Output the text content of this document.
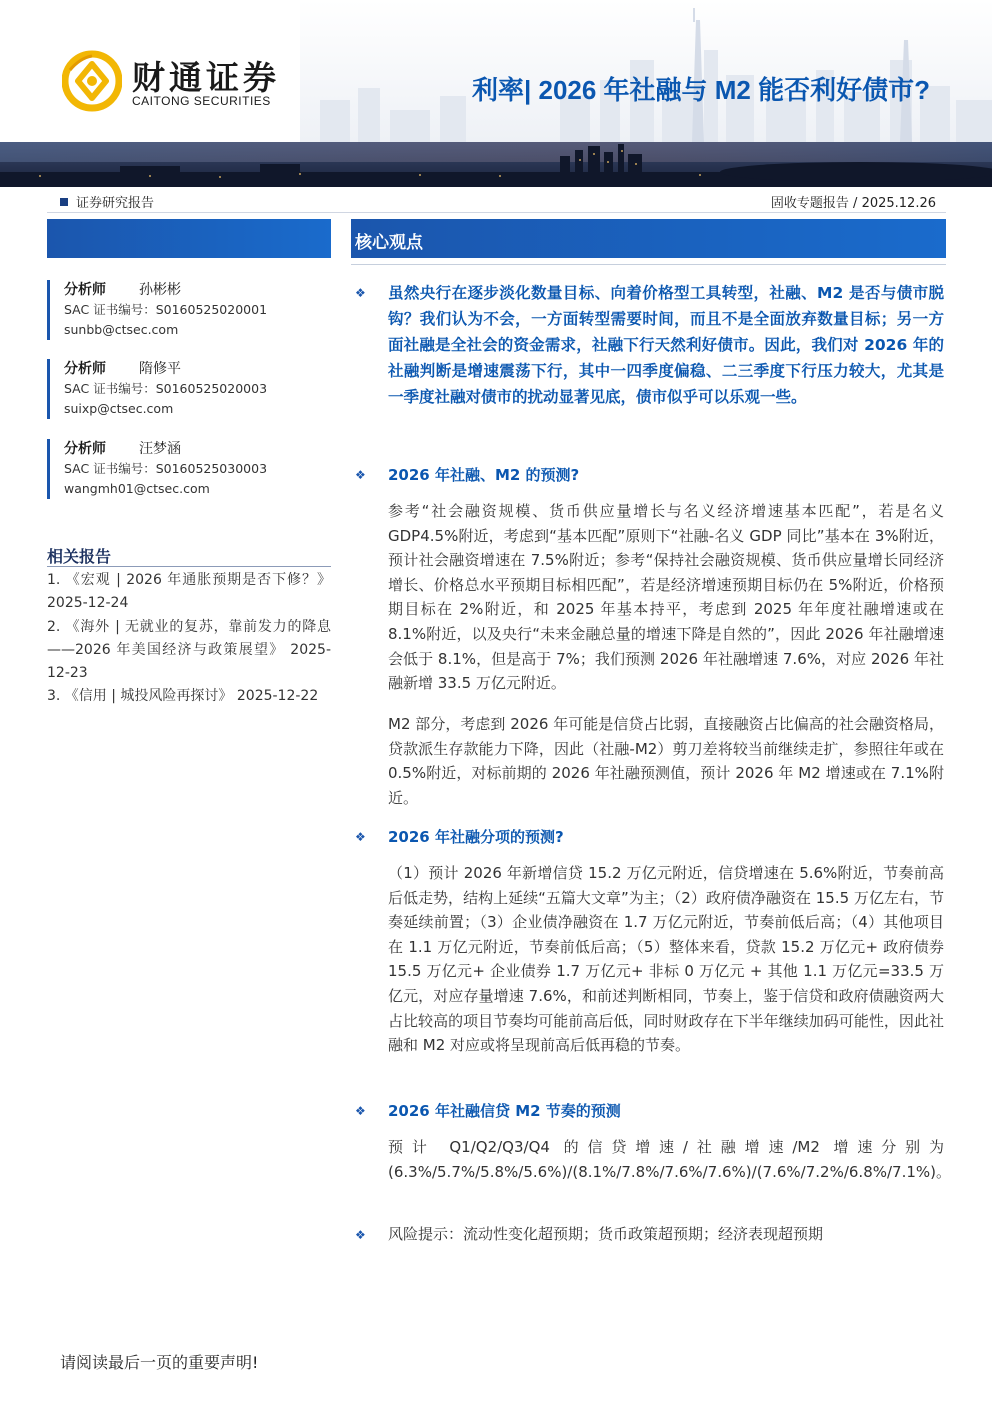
财通证券
CAITONG SECURITIES	利率| 2026 年社融与 M2 能否利好债市?
证券研究报告	固收专题报告 / 2025.12.26
分析师	孙彬彬
SAC 证书编号：S0160525020001
sunbb@ctsec.com
分析师	隋修平
SAC 证书编号：S0160525020003
suixp@ctsec.com
分析师	汪梦涵
SAC 证书编号：S0160525030003
wangmh01@ctsec.com
相关报告
1. 《宏观 | 2026 年通胀预期是否下修？》 2025-12-24
2. 《海外 | 无就业的复苏，靠前发力的降息——2026 年美国经济与政策展望》 2025-12-23
3. 《信用 | 城投风险再探讨》 2025-12-22
核心观点
❖ 虽然央行在逐步淡化数量目标、向着价格型工具转型，社融、M2 是否与债市脱钩？我们认为不会，一方面转型需要时间，而且不是全面放弃数量目标；另一方面社融是全社会的资金需求，社融下行天然利好债市。因此，我们对 2026 年的社融判断是增速震荡下行，其中一四季度偏稳、二三季度下行压力较大，尤其是一季度社融对债市的扰动显著见底，债市似乎可以乐观一些。
❖ 2026 年社融、M2 的预测?
参考“社会融资规模、货币供应量增长与名义经济增速基本匹配”，若是名义 GDP4.5%附近，考虑到“基本匹配”原则下“社融-名义 GDP 同比”基本在 3%附近，预计社会融资增速在 7.5%附近；参考“保持社会融资规模、货币供应量增长同经济增长、价格总水平预期目标相匹配”，若是经济增速预期目标仍在 5%附近，价格预期目标在 2%附近，和 2025 年基本持平，考虑到 2025 年年度社融增速或在 8.1%附近，以及央行“未来金融总量的增速下降是自然的”，因此 2026 年社融增速会低于 8.1%，但是高于 7%；我们预测 2026 年社融增速 7.6%，对应 2026 年社融新增 33.5 万亿元附近。
M2 部分，考虑到 2026 年可能是信贷占比弱，直接融资占比偏高的社会融资格局，贷款派生存款能力下降，因此（社融-M2）剪刀差将较当前继续走扩，参照往年或在 0.5%附近，对标前期的 2026 年社融预测值，预计 2026 年 M2 增速或在 7.1%附近。
❖ 2026 年社融分项的预测?
（1）预计 2026 年新增信贷 15.2 万亿元附近，信贷增速在 5.6%附近，节奏前高后低走势，结构上延续“五篇大文章”为主；（2）政府债净融资在 15.5 万亿左右，节奏延续前置；（3）企业债净融资在 1.7 万亿元附近，节奏前低后高；（4）其他项目在 1.1 万亿元附近，节奏前低后高；（5）整体来看，贷款 15.2 万亿元+ 政府债券 15.5 万亿元+ 企业债券 1.7 万亿元+ 非标 0 万亿元 + 其他 1.1 万亿元=33.5 万亿元，对应存量增速 7.6%，和前述判断相同，节奏上，鉴于信贷和政府债融资两大占比较高的项目节奏均可能前高后低，同时财政存在下半年继续加码可能性，因此社融和 M2 对应或将呈现前高后低再稳的节奏。
❖ 2026 年社融信贷 M2 节奏的预测
预计 Q1/Q2/Q3/Q4 的信贷增速/社融增速/M2 增速分别为(6.3%/5.7%/5.8%/5.6%)/(8.1%/7.8%/7.6%/7.6%)/(7.6%/7.2%/6.8%/7.1%)。
❖ 风险提示：流动性变化超预期；货币政策超预期；经济表现超预期
请阅读最后一页的重要声明!
